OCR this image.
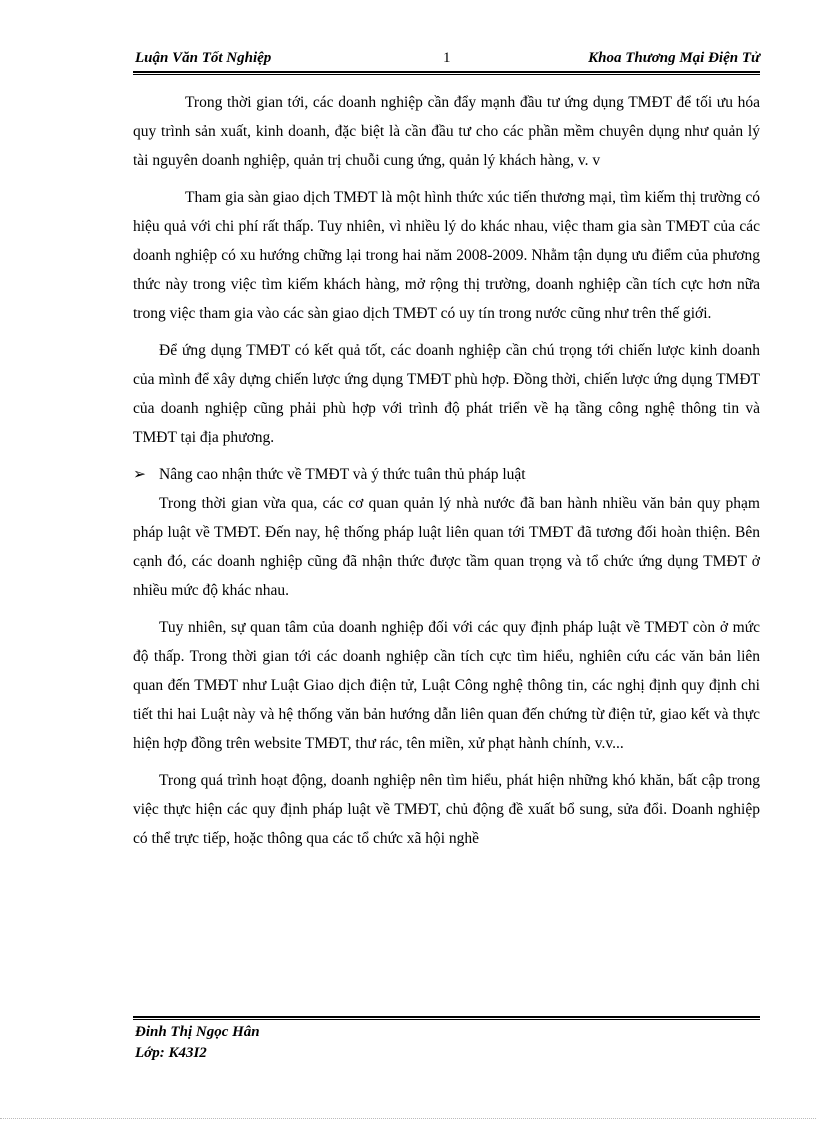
Luận Văn Tốt Nghiệp	1	Khoa Thương Mại Điện Tử

Trong thời gian tới, các doanh nghiệp cần đẩy mạnh đầu tư ứng dụng TMĐT để tối ưu hóa quy trình sản xuất, kinh doanh, đặc biệt là cần đầu tư cho các phần mềm chuyên dụng như quản lý tài nguyên doanh nghiệp, quản trị chuỗi cung ứng, quản lý khách hàng, v. v

Tham gia sàn giao dịch TMĐT là một hình thức xúc tiến thương mại, tìm kiếm thị trường có hiệu quả với chi phí rất thấp. Tuy nhiên, vì nhiều lý do khác nhau, việc tham gia sàn TMĐT của các doanh nghiệp có xu hướng chững lại trong hai năm 2008-2009. Nhằm tận dụng ưu điểm của phương thức này trong việc tìm kiếm khách hàng, mở rộng thị trường, doanh nghiệp cần tích cực hơn nữa trong việc tham gia vào các sàn giao dịch TMĐT có uy tín trong nước cũng như trên thế giới.

Để ứng dụng TMĐT có kết quả tốt, các doanh nghiệp cần chú trọng tới chiến lược kinh doanh của mình để xây dựng chiến lược ứng dụng TMĐT phù hợp. Đồng thời, chiến lược ứng dụng TMĐT của doanh nghiệp cũng phải phù hợp với trình độ phát triển về hạ tầng công nghệ thông tin và TMĐT tại địa phương.

➢ Nâng cao nhận thức về TMĐT và ý thức tuân thủ pháp luật

Trong thời gian vừa qua, các cơ quan quản lý nhà nước đã ban hành nhiều văn bản quy phạm pháp luật về TMĐT. Đến nay, hệ thống pháp luật liên quan tới TMĐT đã tương đối hoàn thiện. Bên cạnh đó, các doanh nghiệp cũng đã nhận thức được tầm quan trọng và tổ chức ứng dụng TMĐT ở nhiều mức độ khác nhau.

Tuy nhiên, sự quan tâm của doanh nghiệp đối với các quy định pháp luật về TMĐT còn ở mức độ thấp. Trong thời gian tới các doanh nghiệp cần tích cực tìm hiểu, nghiên cứu các văn bản liên quan đến TMĐT như Luật Giao dịch điện tử, Luật Công nghệ thông tin, các nghị định quy định chi tiết thi hai Luật này và hệ thống văn bản hướng dẫn liên quan đến chứng từ điện tử, giao kết và thực hiện hợp đồng trên website TMĐT, thư rác, tên miền, xử phạt hành chính, v.v...

Trong quá trình hoạt động, doanh nghiệp nên tìm hiểu, phát hiện những khó khăn, bất cập trong việc thực hiện các quy định pháp luật về TMĐT, chủ động đề xuất bổ sung, sửa đổi. Doanh nghiệp có thể trực tiếp, hoặc thông qua các tổ chức xã hội nghề

Đinh Thị Ngọc Hân
Lớp: K43I2
